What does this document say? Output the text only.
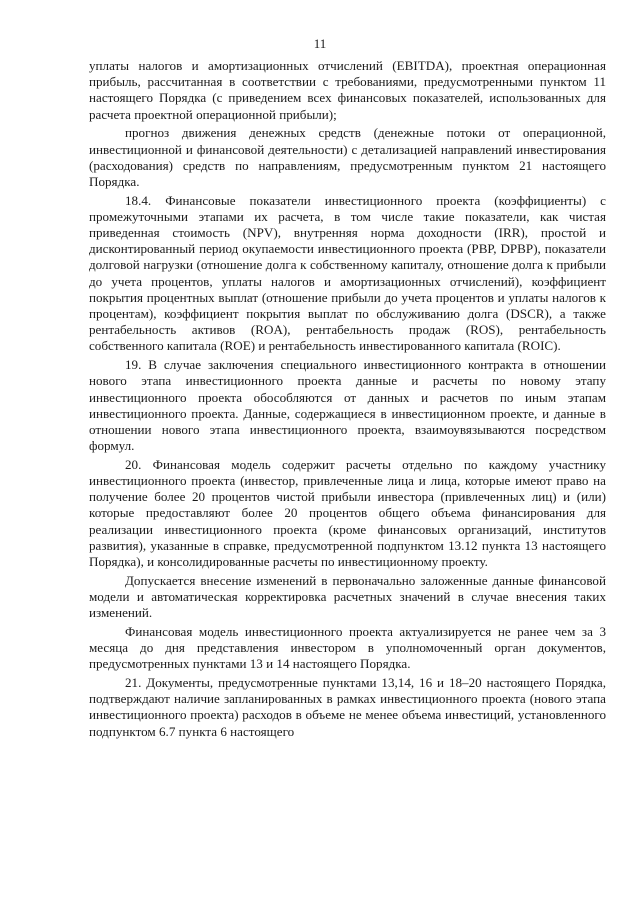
11

уплаты налогов и амортизационных отчислений (EBITDA), проектная операционная прибыль, рассчитанная в соответствии с требованиями, предусмотренными пунктом 11 настоящего Порядка (с приведением всех финансовых показателей, использованных для расчета проектной операционной прибыли);

прогноз движения денежных средств (денежные потоки от операционной, инвестиционной и финансовой деятельности) с детализацией направлений инвестирования (расходования) средств по направлениям, предусмотренным пунктом 21 настоящего Порядка.

18.4. Финансовые показатели инвестиционного проекта (коэффициенты) с промежуточными этапами их расчета, в том числе такие показатели, как чистая приведенная стоимость (NPV), внутренняя норма доходности (IRR), простой и дисконтированный период окупаемости инвестиционного проекта (PBP, DPBP), показатели долговой нагрузки (отношение долга к собственному капиталу, отношение долга к прибыли до учета процентов, уплаты налогов и амортизационных отчислений), коэффициент покрытия процентных выплат (отношение прибыли до учета процентов и уплаты налогов к процентам), коэффициент покрытия выплат по обслуживанию долга (DSCR), а также рентабельность активов (ROA), рентабельность продаж (ROS), рентабельность собственного капитала (ROE) и рентабельность инвестированного капитала (ROIC).

19. В случае заключения специального инвестиционного контракта в отношении нового этапа инвестиционного проекта данные и расчеты по новому этапу инвестиционного проекта обособляются от данных и расчетов по иным этапам инвестиционного проекта. Данные, содержащиеся в инвестиционном проекте, и данные в отношении нового этапа инвестиционного проекта, взаимоувязываются посредством формул.

20. Финансовая модель содержит расчеты отдельно по каждому участнику инвестиционного проекта (инвестор, привлеченные лица и лица, которые имеют право на получение более 20 процентов чистой прибыли инвестора (привлеченных лиц) и (или) которые предоставляют более 20 процентов общего объема финансирования для реализации инвестиционного проекта (кроме финансовых организаций, институтов развития), указанные в справке, предусмотренной подпунктом 13.12 пункта 13 настоящего Порядка), и консолидированные расчеты по инвестиционному проекту.

Допускается внесение изменений в первоначально заложенные данные финансовой модели и автоматическая корректировка расчетных значений в случае внесения таких изменений.

Финансовая модель инвестиционного проекта актуализируется не ранее чем за 3 месяца до дня представления инвестором в уполномоченный орган документов, предусмотренных пунктами 13 и 14 настоящего Порядка.

21. Документы, предусмотренные пунктами 13,14, 16 и 18–20 настоящего Порядка, подтверждают наличие запланированных в рамках инвестиционного проекта (нового этапа инвестиционного проекта) расходов в объеме не менее объема инвестиций, установленного подпунктом 6.7 пункта 6 настоящего
